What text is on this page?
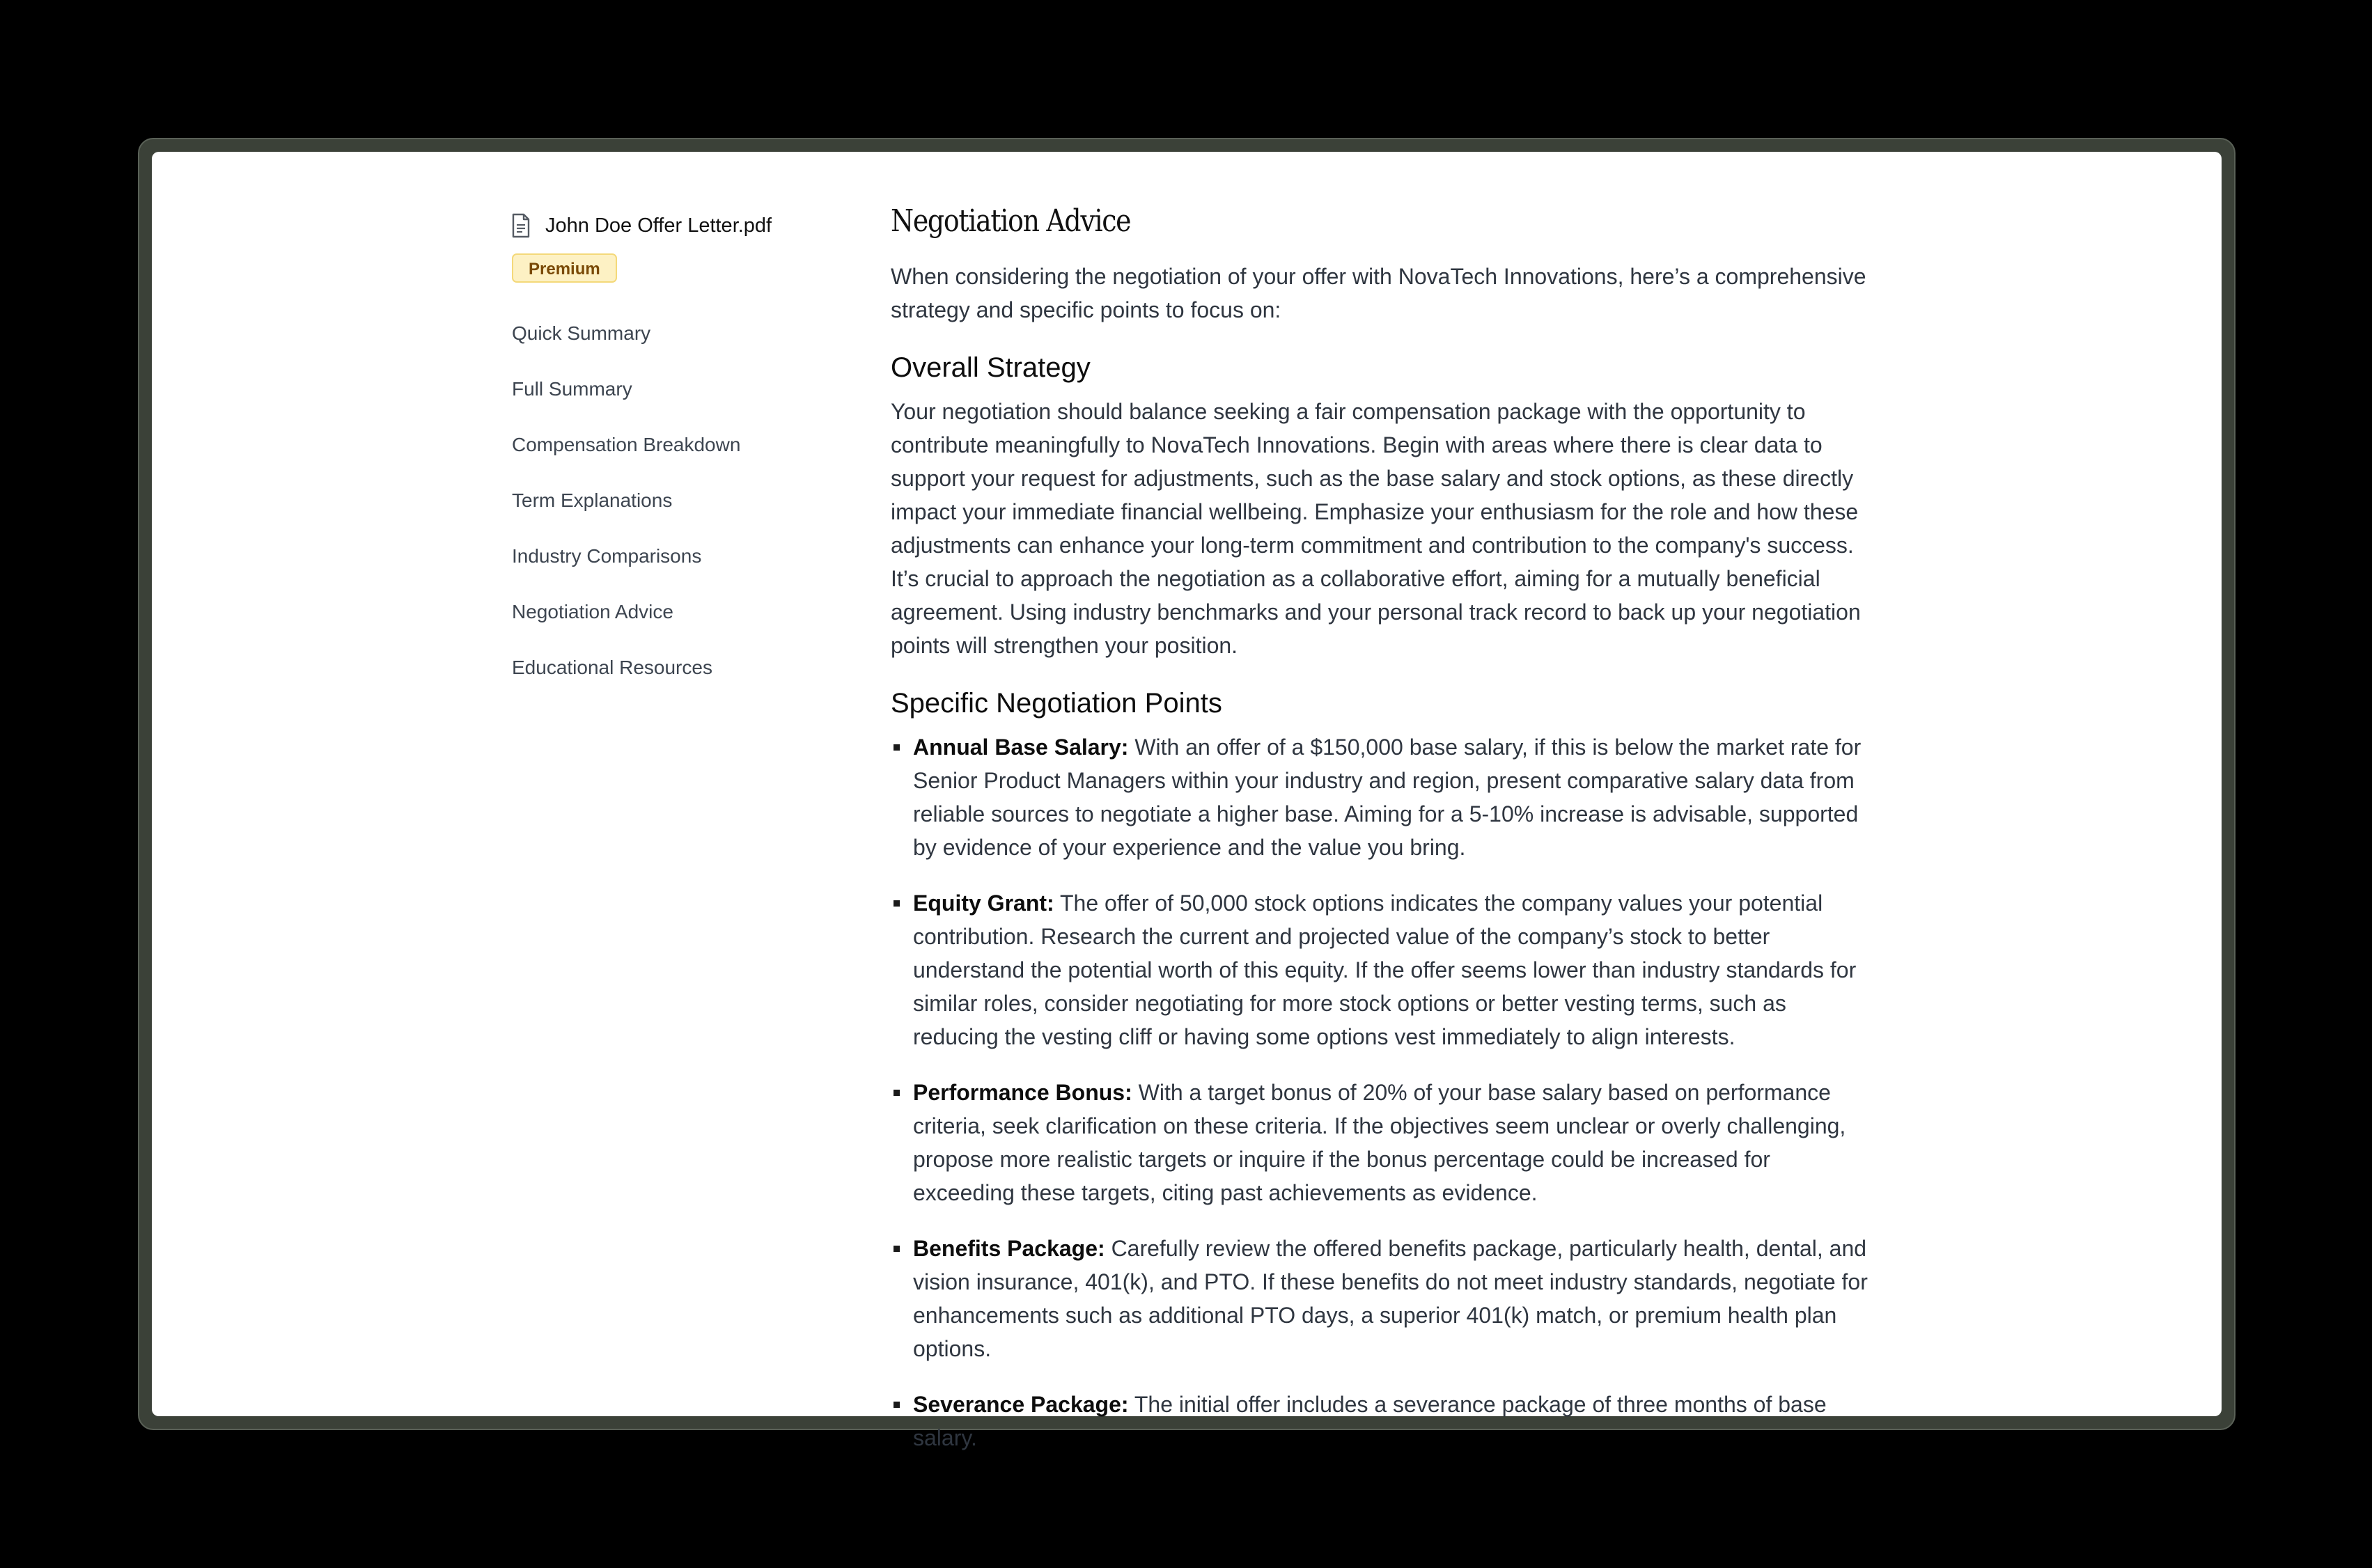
John Doe Offer Letter.pdf
Premium
Quick Summary
Full Summary
Compensation Breakdown
Term Explanations
Industry Comparisons
Negotiation Advice
Educational Resources
Negotiation Advice

When considering the negotiation of your offer with NovaTech Innovations, here’s a comprehensive strategy and specific points to focus on:

Overall Strategy

Your negotiation should balance seeking a fair compensation package with the opportunity to contribute meaningfully to NovaTech Innovations. Begin with areas where there is clear data to support your request for adjustments, such as the base salary and stock options, as these directly impact your immediate financial wellbeing. Emphasize your enthusiasm for the role and how these adjustments can enhance your long-term commitment and contribution to the company's success. It’s crucial to approach the negotiation as a collaborative effort, aiming for a mutually beneficial agreement. Using industry benchmarks and your personal track record to back up your negotiation points will strengthen your position.

Specific Negotiation Points
Annual Base Salary: With an offer of a $150,000 base salary, if this is below the market rate for Senior Product Managers within your industry and region, present comparative salary data from reliable sources to negotiate a higher base. Aiming for a 5-10% increase is advisable, supported by evidence of your experience and the value you bring.
Equity Grant: The offer of 50,000 stock options indicates the company values your potential contribution. Research the current and projected value of the company’s stock to better understand the potential worth of this equity. If the offer seems lower than industry standards for similar roles, consider negotiating for more stock options or better vesting terms, such as reducing the vesting cliff or having some options vest immediately to align interests.
Performance Bonus: With a target bonus of 20% of your base salary based on performance criteria, seek clarification on these criteria. If the objectives seem unclear or overly challenging, propose more realistic targets or inquire if the bonus percentage could be increased for exceeding these targets, citing past achievements as evidence.
Benefits Package: Carefully review the offered benefits package, particularly health, dental, and vision insurance, 401(k), and PTO. If these benefits do not meet industry standards, negotiate for enhancements such as additional PTO days, a superior 401(k) match, or premium health plan options.
Severance Package: The initial offer includes a severance package of three months of base salary.
